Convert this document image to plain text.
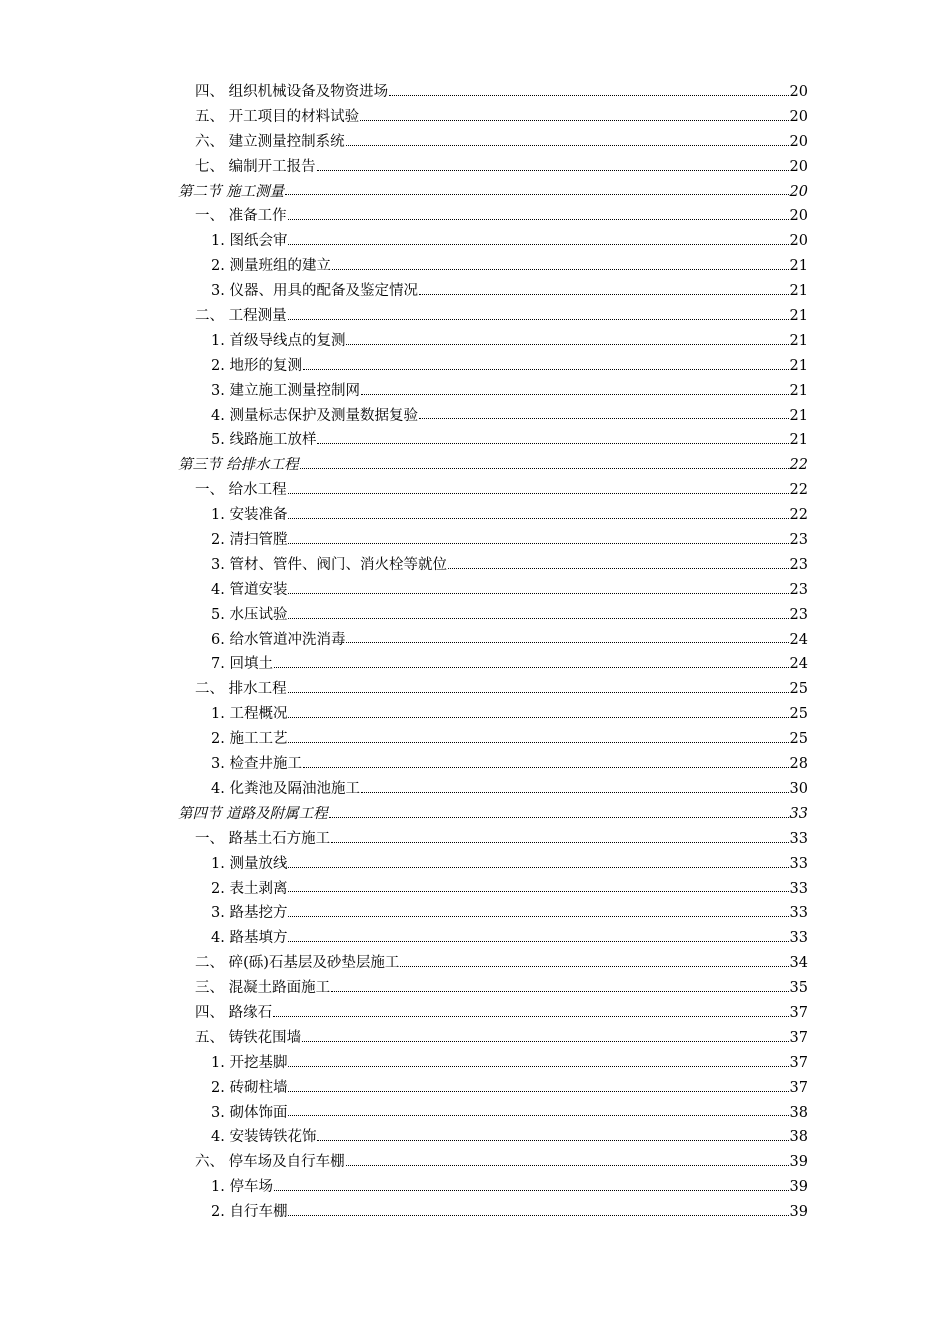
四、 组织机械设备及物资进场	20
五、 开工项目的材料试验	20
六、 建立测量控制系统	20
七、 编制开工报告	20
第二节 施工测量	20
一、 准备工作	20
1. 图纸会审	20
2. 测量班组的建立	21
3. 仪器、用具的配备及鉴定情况	21
二、 工程测量	21
1. 首级导线点的复测	21
2. 地形的复测	21
3. 建立施工测量控制网	21
4. 测量标志保护及测量数据复验	21
5. 线路施工放样	21
第三节 给排水工程	22
一、 给水工程	22
1. 安装准备	22
2. 清扫管膛	23
3. 管材、管件、阀门、消火栓等就位	23
4. 管道安装	23
5. 水压试验	23
6. 给水管道冲洗消毒	24
7. 回填土	24
二、 排水工程	25
1. 工程概况	25
2. 施工工艺	25
3. 检查井施工	28
4. 化粪池及隔油池施工	30
第四节 道路及附属工程	33
一、 路基土石方施工	33
1. 测量放线	33
2. 表土剥离	33
3. 路基挖方	33
4. 路基填方	33
二、 碎(砾)石基层及砂垫层施工	34
三、 混凝土路面施工	35
四、 路缘石	37
五、 铸铁花围墙	37
1. 开挖基脚	37
2. 砖砌柱墙	37
3. 砌体饰面	38
4. 安装铸铁花饰	38
六、 停车场及自行车棚	39
1. 停车场	39
2. 自行车棚	39
